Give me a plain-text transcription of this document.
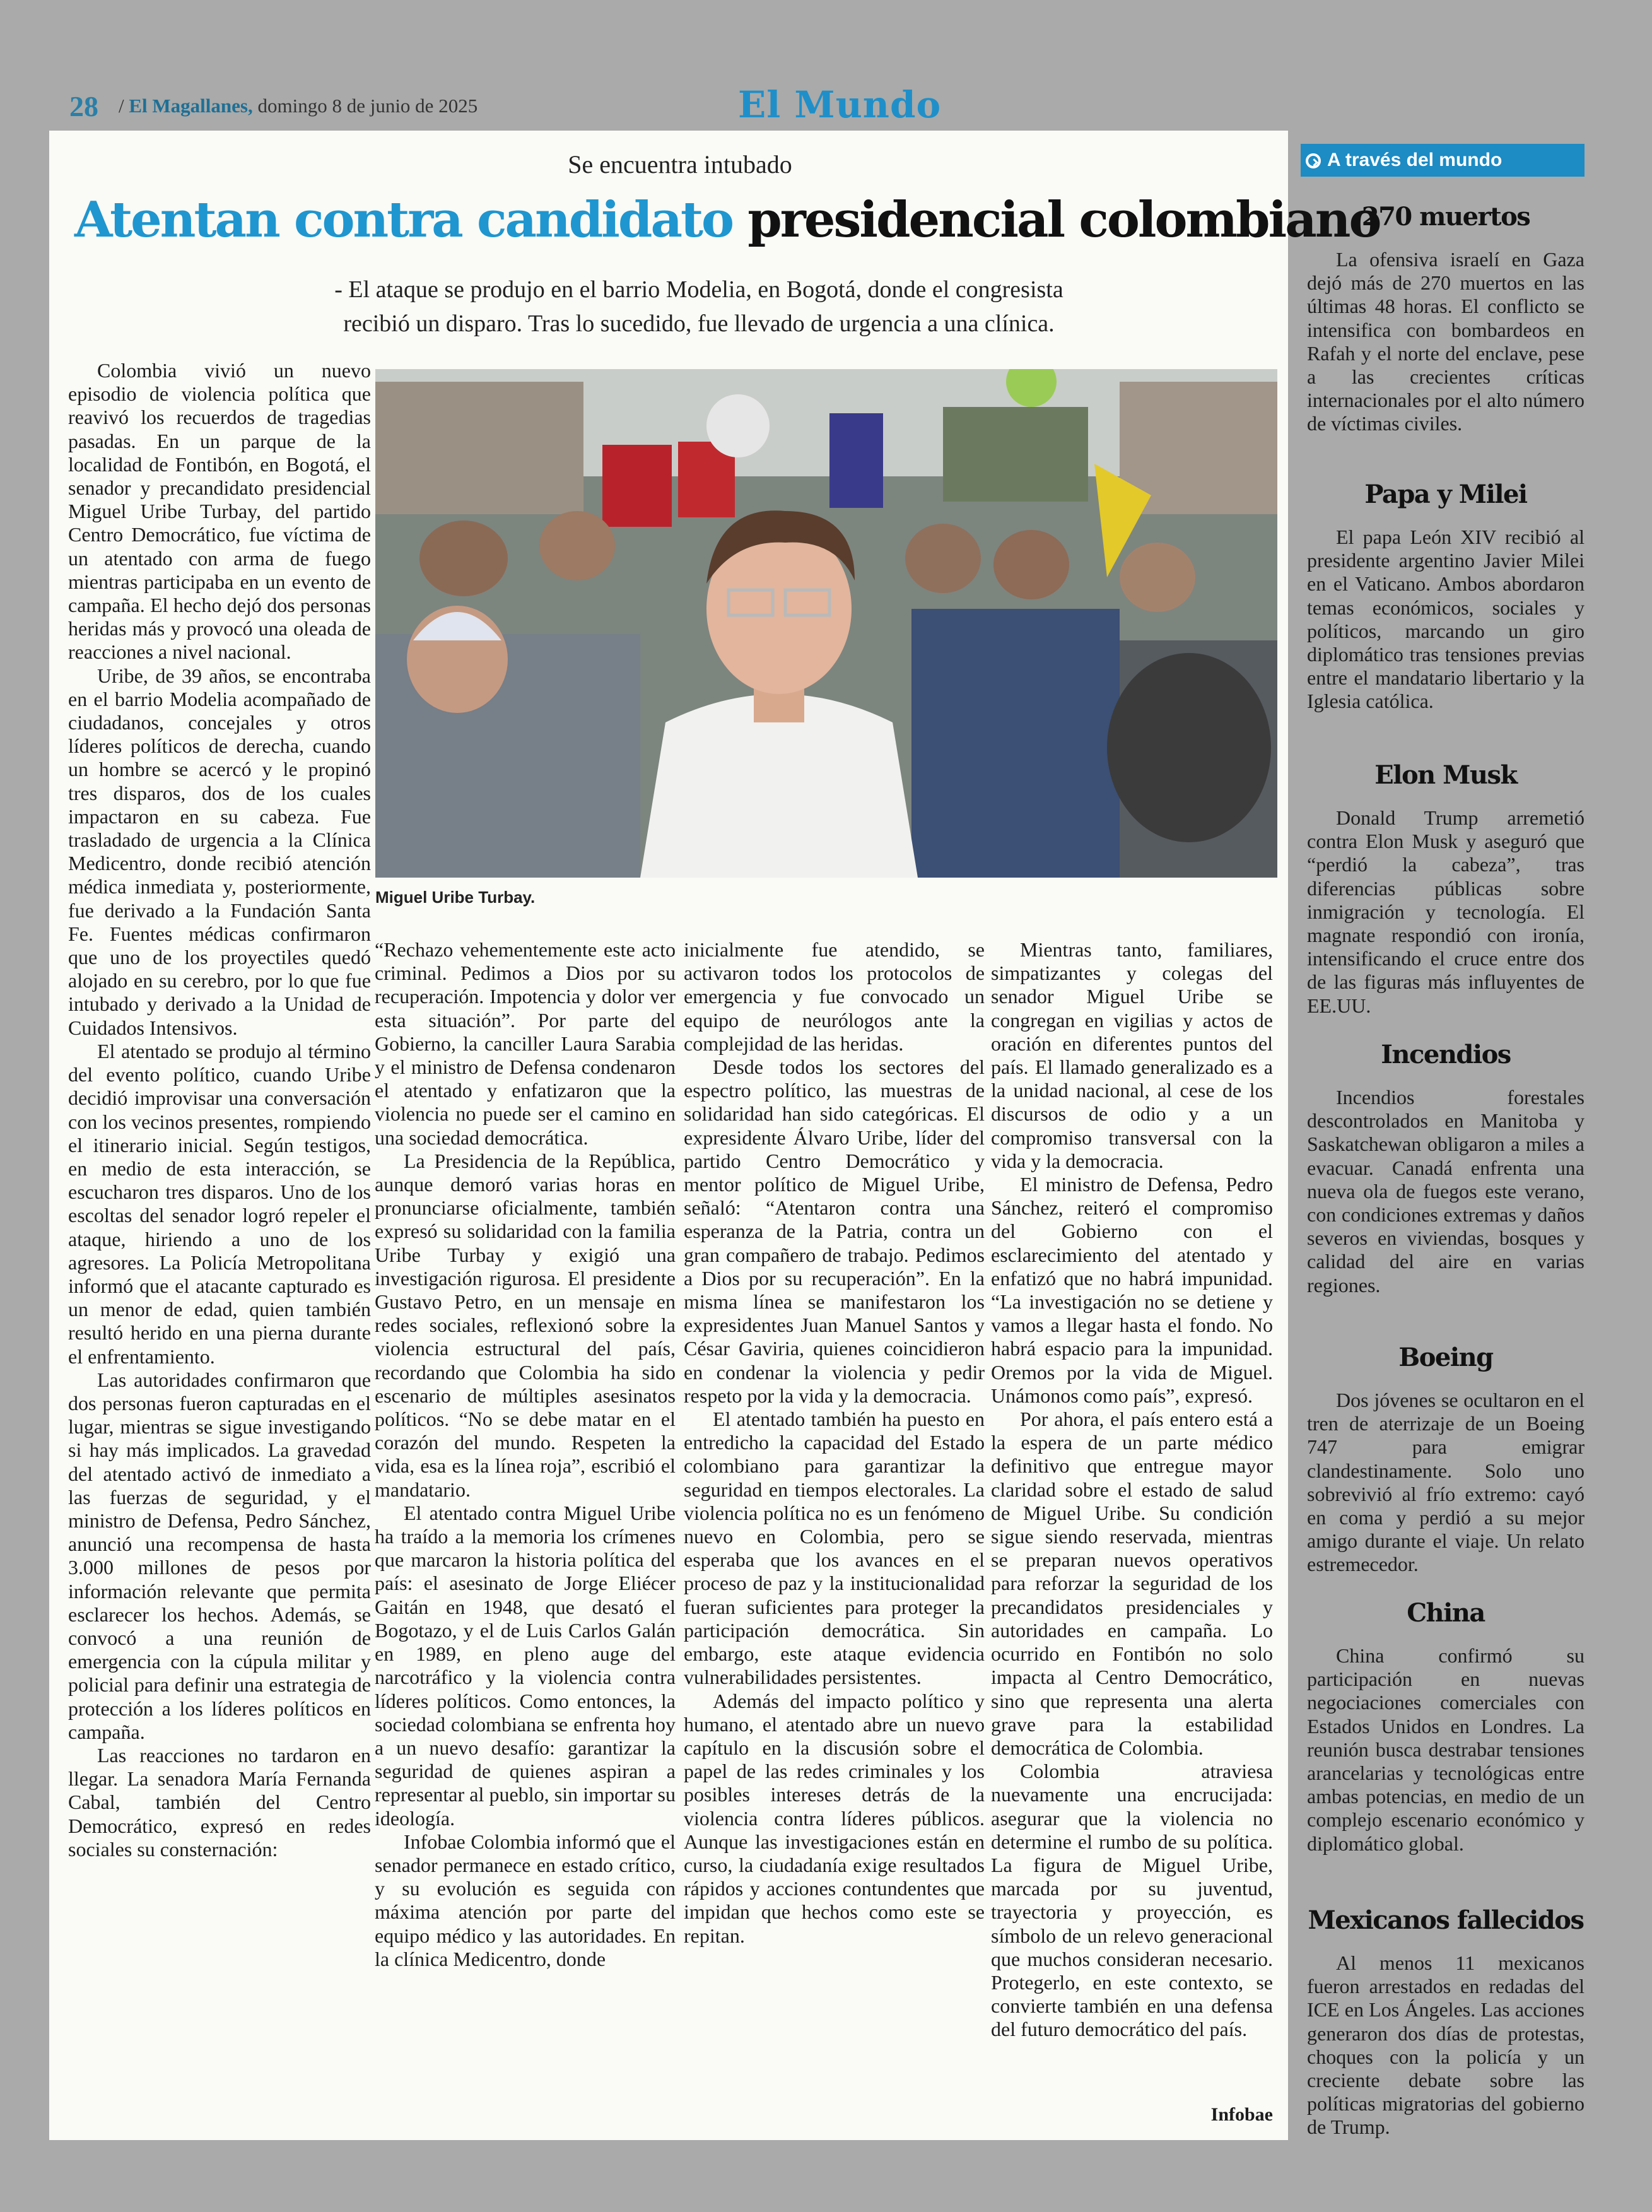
28 / El Magallanes, domingo 8 de junio de 2025	El Mundo
Se encuentra intubado
Atentan contra candidato presidencial colombiano
- El ataque se produjo en el barrio Modelia, en Bogotá, donde el congresista
recibió un disparo. Tras lo sucedido, fue llevado de urgencia a una clínica.

Colombia vivió un nuevo episodio de violencia política que reavivó los recuerdos de tragedias pasadas. En un parque de la localidad de Fontibón, en Bogotá, el senador y precandidato presidencial Miguel Uribe Turbay, del partido Centro Democrático, fue víctima de un atentado con arma de fuego mientras participaba en un evento de campaña. El hecho dejó dos personas heridas más y provocó una oleada de reacciones a nivel nacional.

Uribe, de 39 años, se encontraba en el barrio Modelia acompañado de ciudadanos, concejales y otros líderes políticos de derecha, cuando un hombre se acercó y le propinó tres disparos, dos de los cuales impactaron en su cabeza. Fue trasladado de urgencia a la Clínica Medicentro, donde recibió atención médica inmediata y, posteriormente, fue derivado a la Fundación Santa Fe. Fuentes médicas confirmaron que uno de los proyectiles quedó alojado en su cerebro, por lo que fue intubado y derivado a la Unidad de Cuidados Intensivos.

El atentado se produjo al término del evento político, cuando Uribe decidió improvisar una conversación con los vecinos presentes, rompiendo el itinerario inicial. Según testigos, en medio de esta interacción, se escucharon tres disparos. Uno de los escoltas del senador logró repeler el ataque, hiriendo a uno de los agresores. La Policía Metropolitana informó que el atacante capturado es un menor de edad, quien también resultó herido en una pierna durante el enfrentamiento.

Las autoridades confirmaron que dos personas fueron capturadas en el lugar, mientras se sigue investigando si hay más implicados. La gravedad del atentado activó de inmediato a las fuerzas de seguridad, y el ministro de Defensa, Pedro Sánchez, anunció una recompensa de hasta 3.000 millones de pesos por información relevante que permita esclarecer los hechos. Además, se convocó a una reunión de emergencia con la cúpula militar y policial para definir una estrategia de protección a los líderes políticos en campaña.

Las reacciones no tardaron en llegar. La senadora María Fernanda Cabal, también del Centro Democrático, expresó en redes sociales su consternación:

Miguel Uribe Turbay.

“Rechazo vehementemente este acto criminal. Pedimos a Dios por su recuperación. Impotencia y dolor ver esta situación”. Por parte del Gobierno, la canciller Laura Sarabia y el ministro de Defensa condenaron el atentado y enfatizaron que la violencia no puede ser el camino en una sociedad democrática.

La Presidencia de la República, aunque demoró varias horas en pronunciarse oficialmente, también expresó su solidaridad con la familia Uribe Turbay y exigió una investigación rigurosa. El presidente Gustavo Petro, en un mensaje en redes sociales, reflexionó sobre la violencia estructural del país, recordando que Colombia ha sido escenario de múltiples asesinatos políticos. “No se debe matar en el corazón del mundo. Respeten la vida, esa es la línea roja”, escribió el mandatario.

El atentado contra Miguel Uribe ha traído a la memoria los crímenes que marcaron la historia política del país: el asesinato de Jorge Eliécer Gaitán en 1948, que desató el Bogotazo, y el de Luis Carlos Galán en 1989, en pleno auge del narcotráfico y la violencia contra líderes políticos. Como entonces, la sociedad colombiana se enfrenta hoy a un nuevo desafío: garantizar la seguridad de quienes aspiran a representar al pueblo, sin importar su ideología.

Infobae Colombia informó que el senador permanece en estado crítico, y su evolución es seguida con máxima atención por parte del equipo médico y las autoridades. En la clínica Medicentro, donde

inicialmente fue atendido, se activaron todos los protocolos de emergencia y fue convocado un equipo de neurólogos ante la complejidad de las heridas.

Desde todos los sectores del espectro político, las muestras de solidaridad han sido categóricas. El expresidente Álvaro Uribe, líder del partido Centro Democrático y mentor político de Miguel Uribe, señaló: “Atentaron contra una esperanza de la Patria, contra un gran compañero de trabajo. Pedimos a Dios por su recuperación”. En la misma línea se manifestaron los expresidentes Juan Manuel Santos y César Gaviria, quienes coincidieron en condenar la violencia y pedir respeto por la vida y la democracia.

El atentado también ha puesto en entredicho la capacidad del Estado colombiano para garantizar la seguridad en tiempos electorales. La violencia política no es un fenómeno nuevo en Colombia, pero se esperaba que los avances en el proceso de paz y la institucionalidad fueran suficientes para proteger la participación democrática. Sin embargo, este ataque evidencia vulnerabilidades persistentes.

Además del impacto político y humano, el atentado abre un nuevo capítulo en la discusión sobre el papel de las redes criminales y los posibles intereses detrás de la violencia contra líderes públicos. Aunque las investigaciones están en curso, la ciudadanía exige resultados rápidos y acciones contundentes que impidan que hechos como este se repitan.

Mientras tanto, familiares, simpatizantes y colegas del senador Miguel Uribe se congregan en vigilias y actos de oración en diferentes puntos del país. El llamado generalizado es a la unidad nacional, al cese de los discursos de odio y a un compromiso transversal con la vida y la democracia.

El ministro de Defensa, Pedro Sánchez, reiteró el compromiso del Gobierno con el esclarecimiento del atentado y enfatizó que no habrá impunidad. “La investigación no se detiene y vamos a llegar hasta el fondo. No habrá espacio para la impunidad. Oremos por la vida de Miguel. Unámonos como país”, expresó.

Por ahora, el país entero está a la espera de un parte médico definitivo que entregue mayor claridad sobre el estado de salud de Miguel Uribe. Su condición sigue siendo reservada, mientras se preparan nuevos operativos para reforzar la seguridad de los precandidatos presidenciales y autoridades en campaña. Lo ocurrido en Fontibón no solo impacta al Centro Democrático, sino que representa una alerta grave para la estabilidad democrática de Colombia.

Colombia atraviesa nuevamente una encrucijada: asegurar que la violencia no determine el rumbo de su política. La figura de Miguel Uribe, marcada por su juventud, trayectoria y proyección, es símbolo de un relevo generacional que muchos consideran necesario. Protegerlo, en este contexto, se convierte también en una defensa del futuro democrático del país.

Infobae
A través del mundo
270 muertos

La ofensiva israelí en Gaza dejó más de 270 muertos en las últimas 48 horas. El conflicto se intensifica con bombardeos en Rafah y el norte del enclave, pese a las crecientes críticas internacionales por el alto número de víctimas civiles.

Papa y Milei

El papa León XIV recibió al presidente argentino Javier Milei en el Vaticano. Ambos abordaron temas económicos, sociales y políticos, marcando un giro diplomático tras tensiones previas entre el mandatario libertario y la Iglesia católica.

Elon Musk

Donald Trump arremetió contra Elon Musk y aseguró que “perdió la cabeza”, tras diferencias públicas sobre inmigración y tecnología. El magnate respondió con ironía, intensificando el cruce entre dos de las figuras más influyentes de EE.UU.

Incendios

Incendios forestales descontrolados en Manitoba y Saskatchewan obligaron a miles a evacuar. Canadá enfrenta una nueva ola de fuegos este verano, con condiciones extremas y daños severos en viviendas, bosques y calidad del aire en varias regiones.

Boeing

Dos jóvenes se ocultaron en el tren de aterrizaje de un Boeing 747 para emigrar clandestinamente. Solo uno sobrevivió al frío extremo: cayó en coma y perdió a su mejor amigo durante el viaje. Un relato estremecedor.

China

China confirmó su participación en nuevas negociaciones comerciales con Estados Unidos en Londres. La reunión busca destrabar tensiones arancelarias y tecnológicas entre ambas potencias, en medio de un complejo escenario económico y diplomático global.

Mexicanos fallecidos

Al menos 11 mexicanos fueron arrestados en redadas del ICE en Los Ángeles. Las acciones generaron dos días de protestas, choques con la policía y un creciente debate sobre las políticas migratorias del gobierno de Trump.
